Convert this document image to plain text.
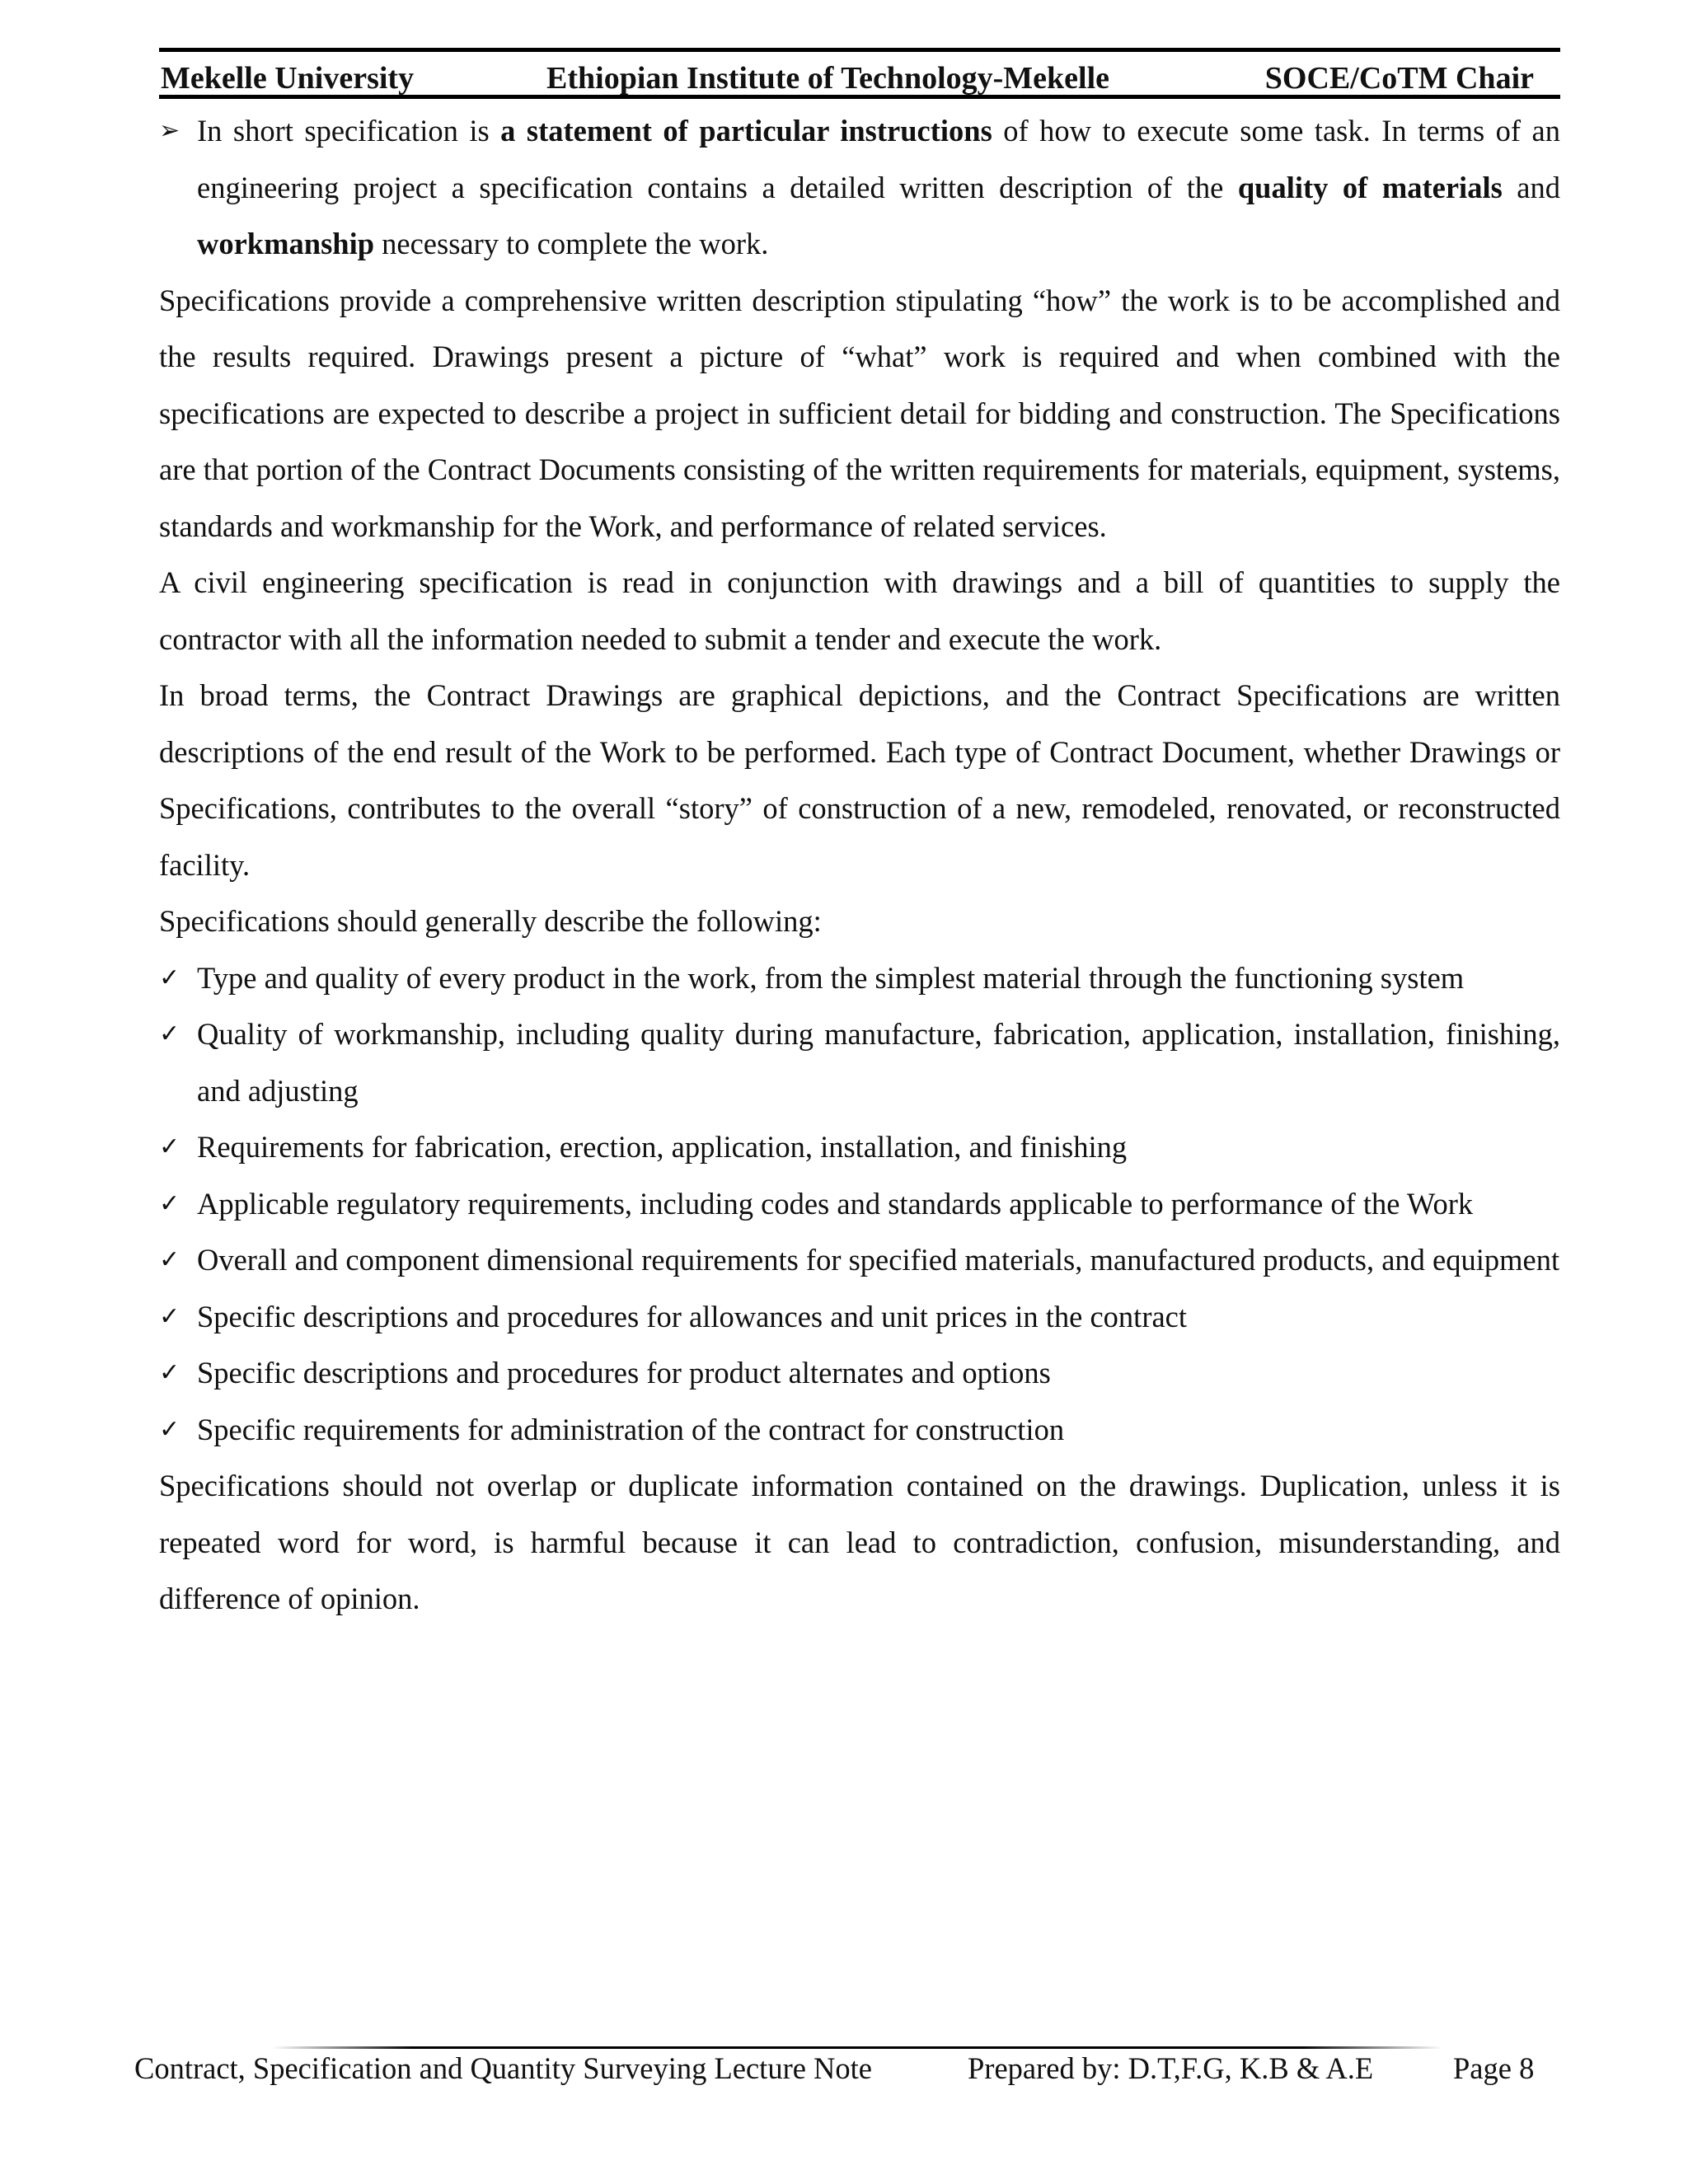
Mekelle University	Ethiopian Institute of Technology-Mekelle	SOCE/CoTM Chair
➢ In short specification is a statement of particular instructions of how to execute some task. In terms of an engineering project a specification contains a detailed written description of the quality of materials and workmanship necessary to complete the work.

Specifications provide a comprehensive written description stipulating “how” the work is to be accomplished and the results required. Drawings present a picture of “what” work is required and when combined with the specifications are expected to describe a project in sufficient detail for bidding and construction. The Specifications are that portion of the Contract Documents consisting of the written requirements for materials, equipment, systems, standards and workmanship for the Work, and performance of related services.

A civil engineering specification is read in conjunction with drawings and a bill of quantities to supply the contractor with all the information needed to submit a tender and execute the work.

In broad terms, the Contract Drawings are graphical depictions, and the Contract Specifications are written descriptions of the end result of the Work to be performed. Each type of Contract Document, whether Drawings or Specifications, contributes to the overall “story” of construction of a new, remodeled, renovated, or reconstructed facility.

Specifications should generally describe the following:

✓ Type and quality of every product in the work, from the simplest material through the functioning system
✓ Quality of workmanship, including quality during manufacture, fabrication, application, installation, finishing, and adjusting
✓ Requirements for fabrication, erection, application, installation, and finishing
✓ Applicable regulatory requirements, including codes and standards applicable to performance of the Work
✓ Overall and component dimensional requirements for specified materials, manufactured products, and equipment
✓ Specific descriptions and procedures for allowances and unit prices in the contract
✓ Specific descriptions and procedures for product alternates and options
✓ Specific requirements for administration of the contract for construction

Specifications should not overlap or duplicate information contained on the drawings. Duplication, unless it is repeated word for word, is harmful because it can lead to contradiction, confusion, misunderstanding, and difference of opinion.

Contract, Specification and Quantity Surveying Lecture Note	Prepared by: D.T,F.G, K.B & A.E	Page 8
